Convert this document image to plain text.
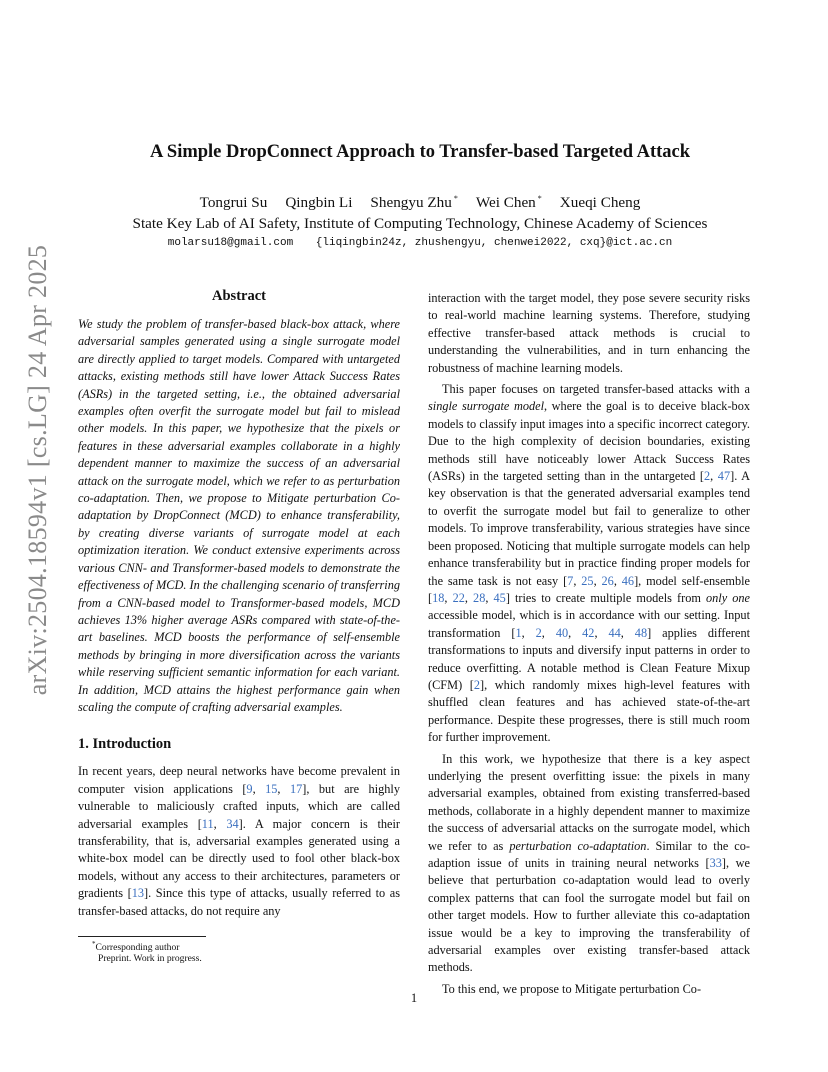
arXiv:2504.18594v1 [cs.LG] 24 Apr 2025
A Simple DropConnect Approach to Transfer-based Targeted Attack
Tongrui Su Qingbin Li Shengyu Zhu * Wei Chen * Xueqi Cheng
State Key Lab of AI Safety, Institute of Computing Technology, Chinese Academy of Sciences
molarsu18@gmail.com {liqingbin24z, zhushengyu, chenwei2022, cxq}@ict.ac.cn
Abstract

We study the problem of transfer-based black-box attack, where adversarial samples generated using a single surrogate model are directly applied to target models. Compared with untargeted attacks, existing methods still have lower Attack Success Rates (ASRs) in the targeted setting, i.e., the obtained adversarial examples often overfit the surrogate model but fail to mislead other models. In this paper, we hypothesize that the pixels or features in these adversarial examples collaborate in a highly dependent manner to maximize the success of an adversarial attack on the surrogate model, which we refer to as perturbation co-adaptation. Then, we propose to Mitigate perturbation Co-adaptation by DropConnect (MCD) to enhance transferability, by creating diverse variants of surrogate model at each optimization iteration. We conduct extensive experiments across various CNN- and Transformer-based models to demonstrate the effectiveness of MCD. In the challenging scenario of transferring from a CNN-based model to Transformer-based models, MCD achieves 13% higher average ASRs compared with state-of-the-art baselines. MCD boosts the performance of self-ensemble methods by bringing in more diversification across the variants while reserving sufficient semantic information for each variant. In addition, MCD attains the highest performance gain when scaling the compute of crafting adversarial examples.

1. Introduction

In recent years, deep neural networks have become prevalent in computer vision applications [9, 15, 17], but are highly vulnerable to maliciously crafted inputs, which are called adversarial examples [11, 34]. A major concern is their transferability, that is, adversarial examples generated using a white-box model can be directly used to fool other black-box models, without any access to their architectures, parameters or gradients [13]. Since this type of attacks, usually referred to as transfer-based attacks, do not require any

interaction with the target model, they pose severe security risks to real-world machine learning systems. Therefore, studying effective transfer-based attack methods is crucial to understanding the vulnerabilities, and in turn enhancing the robustness of machine learning models.

This paper focuses on targeted transfer-based attacks with a single surrogate model, where the goal is to deceive black-box models to classify input images into a specific incorrect category. Due to the high complexity of decision boundaries, existing methods still have noticeably lower Attack Success Rates (ASRs) in the targeted setting than in the untargeted [2, 47]. A key observation is that the generated adversarial examples tend to overfit the surrogate model but fail to generalize to other models. To improve transferability, various strategies have since been proposed. Noticing that multiple surrogate models can help enhance transferability but in practice finding proper models for the same task is not easy [7, 25, 26, 46], model self-ensemble [18, 22, 28, 45] tries to create multiple models from only one accessible model, which is in accordance with our setting. Input transformation [1, 2, 40, 42, 44, 48] applies different transformations to inputs and diversify input patterns in order to reduce overfitting. A notable method is Clean Feature Mixup (CFM) [2], which randomly mixes high-level features with shuffled clean features and has achieved state-of-the-art performance. Despite these progresses, there is still much room for further improvement.

In this work, we hypothesize that there is a key aspect underlying the present overfitting issue: the pixels in many adversarial examples, obtained from existing transferred-based methods, collaborate in a highly dependent manner to maximize the success of adversarial attacks on the surrogate model, which we refer to as perturbation co-adaptation. Similar to the co-adaption issue of units in training neural networks [33], we believe that perturbation co-adaptation would lead to overly complex patterns that can fool the surrogate model but fail on other target models. How to further alleviate this co-adaptation issue would be a key to improving the transferability of adversarial examples over existing transfer-based attack methods.

To this end, we propose to Mitigate perturbation Co-

*Corresponding author
Preprint. Work in progress.
1
